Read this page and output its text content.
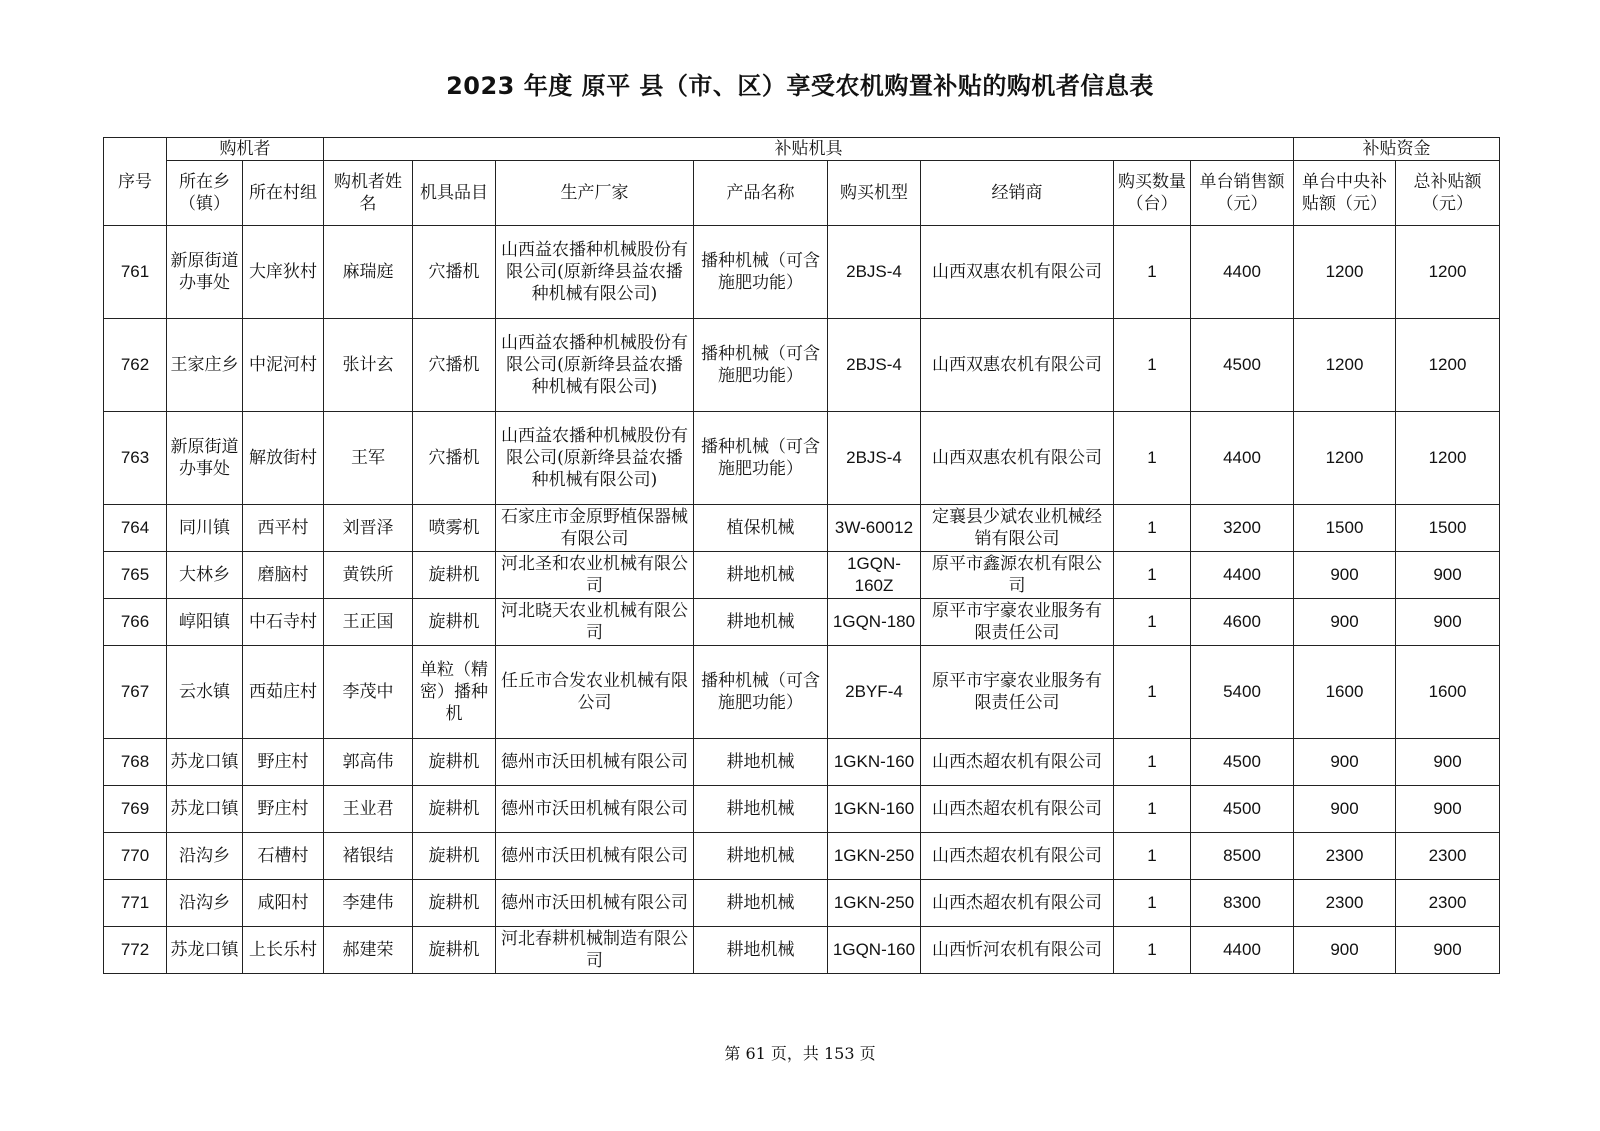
2023 年度 原平 县（市、区）享受农机购置补贴的购机者信息表
序号	购机者		补贴机具								补贴资金	
	所在乡（镇）	所在村组	购机者姓名	机具品目	生产厂家	产品名称	购买机型	经销商	购买数量（台）	单台销售额（元）	单台中央补贴额（元）	总补贴额（元）
761	新原街道办事处	大庠狄村	麻瑞庭	穴播机	山西益农播种机械股份有限公司(原新绛县益农播种机械有限公司)	播种机械（可含施肥功能）	2BJS-4	山西双惠农机有限公司	1	4400	1200	1200
762	王家庄乡	中泥河村	张计玄	穴播机	山西益农播种机械股份有限公司(原新绛县益农播种机械有限公司)	播种机械（可含施肥功能）	2BJS-4	山西双惠农机有限公司	1	4500	1200	1200
763	新原街道办事处	解放街村	王军	穴播机	山西益农播种机械股份有限公司(原新绛县益农播种机械有限公司)	播种机械（可含施肥功能）	2BJS-4	山西双惠农机有限公司	1	4400	1200	1200
764	同川镇	西平村	刘晋泽	喷雾机	石家庄市金原野植保器械有限公司	植保机械	3W-60012	定襄县少斌农业机械经销有限公司	1	3200	1500	1500
765	大林乡	磨脑村	黄铁所	旋耕机	河北圣和农业机械有限公司	耕地机械	1GQN-160Z	原平市鑫源农机有限公司	1	4400	900	900
766	崞阳镇	中石寺村	王正国	旋耕机	河北晓天农业机械有限公司	耕地机械	1GQN-180	原平市宇豪农业服务有限责任公司	1	4600	900	900
767	云水镇	西茹庄村	李茂中	单粒（精密）播种机	任丘市合发农业机械有限公司	播种机械（可含施肥功能）	2BYF-4	原平市宇豪农业服务有限责任公司	1	5400	1600	1600
768	苏龙口镇	野庄村	郭高伟	旋耕机	德州市沃田机械有限公司	耕地机械	1GKN-160	山西杰超农机有限公司	1	4500	900	900
769	苏龙口镇	野庄村	王业君	旋耕机	德州市沃田机械有限公司	耕地机械	1GKN-160	山西杰超农机有限公司	1	4500	900	900
770	沿沟乡	石槽村	褚银结	旋耕机	德州市沃田机械有限公司	耕地机械	1GKN-250	山西杰超农机有限公司	1	8500	2300	2300
771	沿沟乡	咸阳村	李建伟	旋耕机	德州市沃田机械有限公司	耕地机械	1GKN-250	山西杰超农机有限公司	1	8300	2300	2300
772	苏龙口镇	上长乐村	郝建荣	旋耕机	河北春耕机械制造有限公司	耕地机械	1GQN-160	山西忻河农机有限公司	1	4400	900	900
第 61 页，共 153 页
